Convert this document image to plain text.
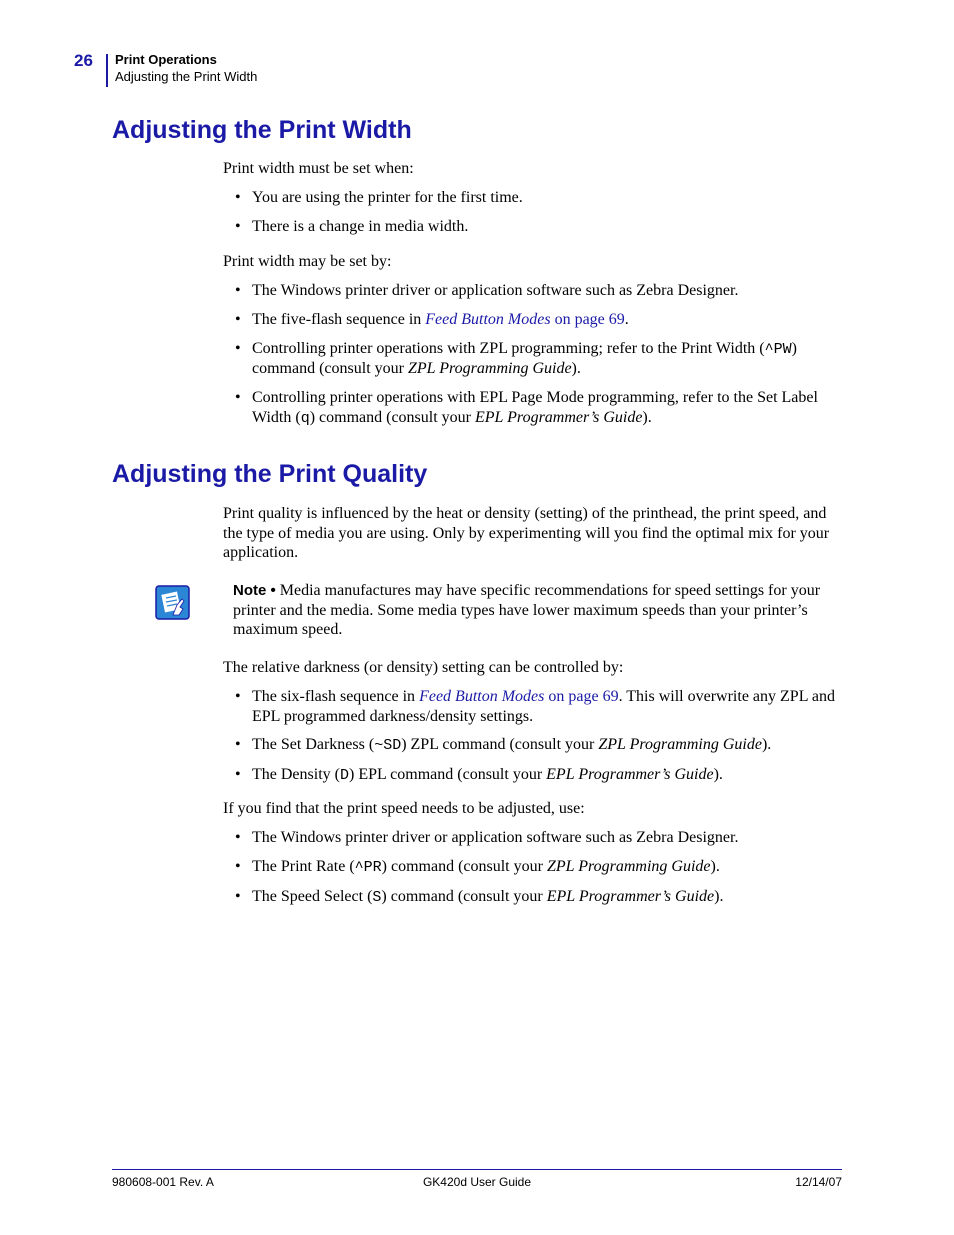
26 Print Operations
Adjusting the Print Width
Adjusting the Print Width

Print width must be set when:

• You are using the printer for the first time.
• There is a change in media width.

Print width may be set by:

• The Windows printer driver or application software such as Zebra Designer.
• The five-flash sequence in Feed Button Modes on page 69.
• Controlling printer operations with ZPL programming; refer to the Print Width (^PW) command (consult your ZPL Programming Guide).
• Controlling printer operations with EPL Page Mode programming, refer to the Set Label Width (q) command (consult your EPL Programmer’s Guide).
Adjusting the Print Quality

Print quality is influenced by the heat or density (setting) of the printhead, the print speed, and the type of media you are using. Only by experimenting will you find the optimal mix for your application.

Note • Media manufactures may have specific recommendations for speed settings for your printer and the media. Some media types have lower maximum speeds than your printer’s maximum speed.

The relative darkness (or density) setting can be controlled by:

• The six-flash sequence in Feed Button Modes on page 69. This will overwrite any ZPL and EPL programmed darkness/density settings.
• The Set Darkness (~SD) ZPL command (consult your ZPL Programming Guide).
• The Density (D) EPL command (consult your EPL Programmer’s Guide).

If you find that the print speed needs to be adjusted, use:

• The Windows printer driver or application software such as Zebra Designer.
• The Print Rate (^PR) command (consult your ZPL Programming Guide).
• The Speed Select (S) command (consult your EPL Programmer’s Guide).
980608-001 Rev. A	GK420d User Guide	12/14/07
